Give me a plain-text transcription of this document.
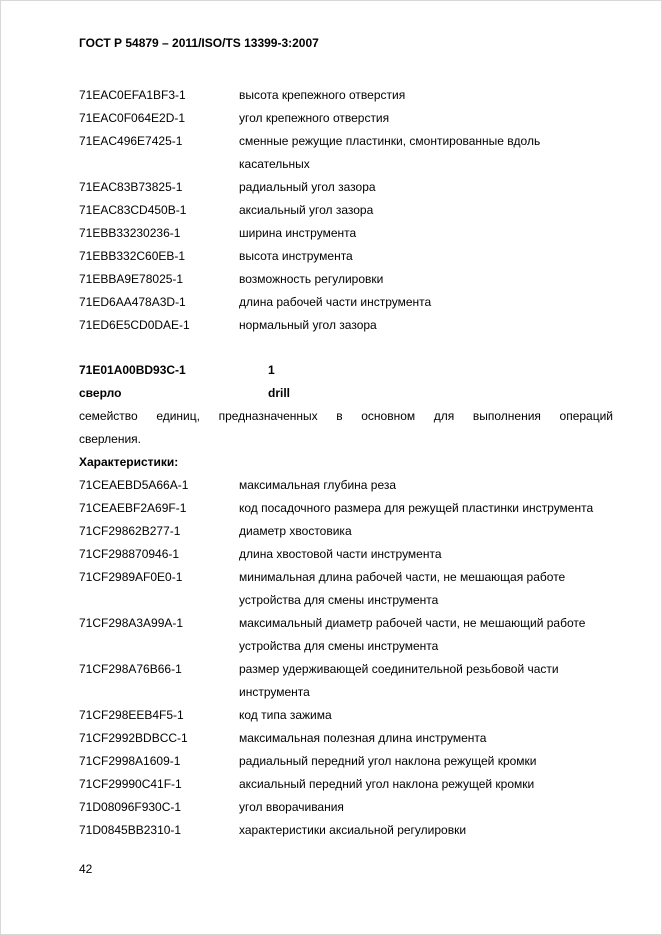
ГОСТ Р 54879 – 2011/ISO/TS 13399-3:2007
71EAC0EFA1BF3-1	высота крепежного отверстия
71EAC0F064E2D-1	угол крепежного отверстия
71EAC496E7425-1	сменные режущие пластинки, смонтированные вдоль касательных
71EAC83B73825-1	радиальный угол зазора
71EAC83CD450B-1	аксиальный угол зазора
71EBB33230236-1	ширина инструмента
71EBB332C60EB-1	высота инструмента
71EBBA9E78025-1	возможность регулировки
71ED6AA478A3D-1	длина рабочей части инструмента
71ED6E5CD0DAE-1	нормальный угол зазора
71E01A00BD93C-1	1
сверло	drill
семейство единиц, предназначенных в основном для выполнения операций
сверления.
Характеристики:
71CEAEBD5A66A-1	максимальная глубина реза
71CEAEBF2A69F-1	код посадочного размера для режущей пластинки инструмента
71CF29862B277-1	диаметр хвостовика
71CF298870946-1	длина хвостовой части инструмента
71CF2989AF0E0-1	минимальная длина рабочей части, не мешающая работе устройства для смены инструмента
71CF298A3A99A-1	максимальный диаметр рабочей части, не мешающий работе устройства для смены инструмента
71CF298A76B66-1	размер удерживающей соединительной резьбовой части инструмента
71CF298EEB4F5-1	код типа зажима
71CF2992BDBCC-1	максимальная полезная длина инструмента
71CF2998A1609-1	радиальный передний угол наклона режущей кромки
71CF29990C41F-1	аксиальный передний угол наклона режущей кромки
71D08096F930C-1	угол вворачивания
71D0845BB2310-1	характеристики аксиальной регулировки
42
